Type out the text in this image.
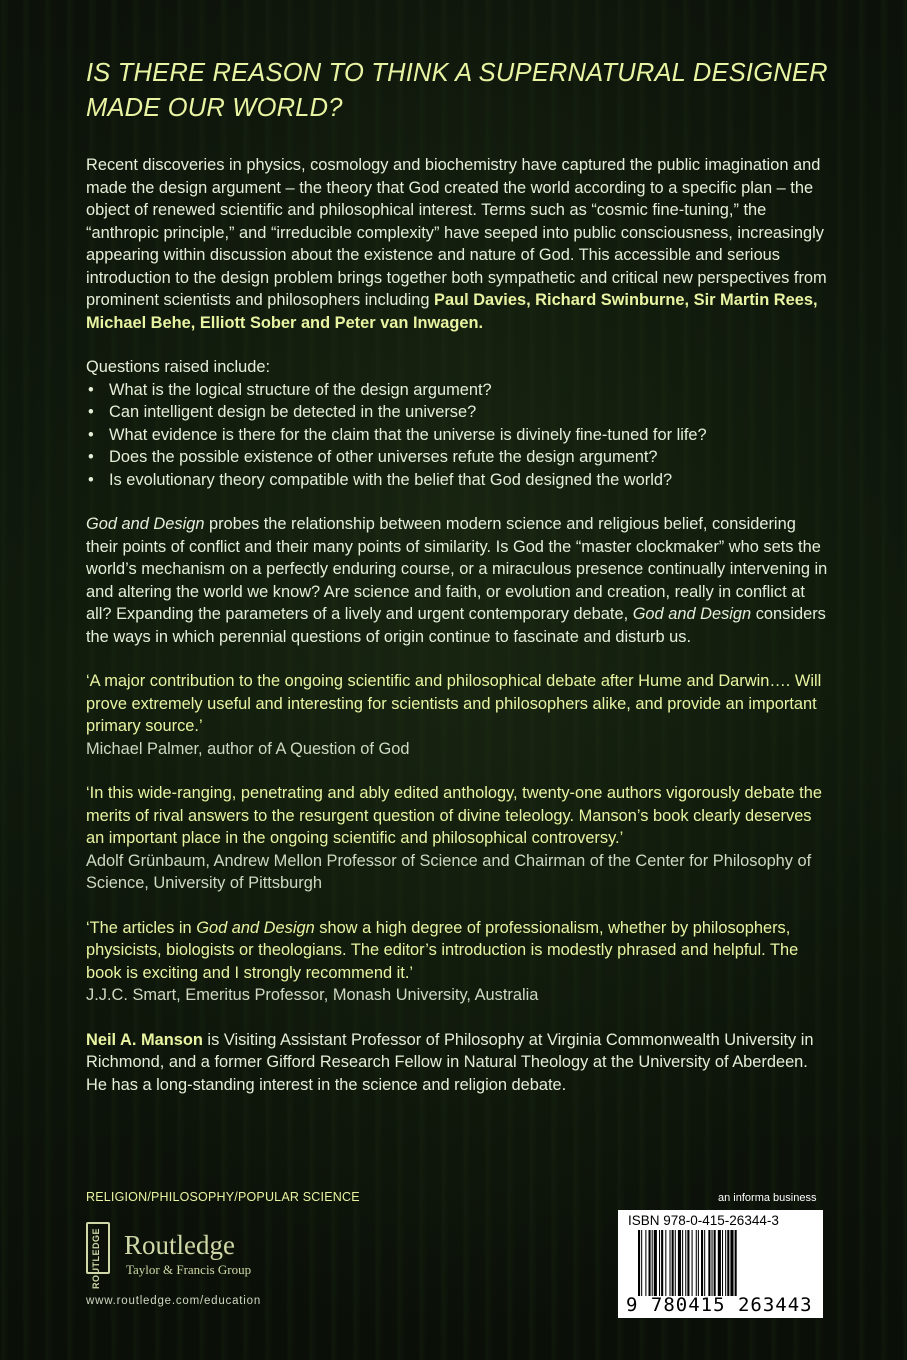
IS THERE REASON TO THINK A SUPERNATURAL DESIGNER MADE OUR WORLD?

Recent discoveries in physics, cosmology and biochemistry have captured the public imagination and made the design argument – the theory that God created the world according to a specific plan – the object of renewed scientific and philosophical interest. Terms such as “cosmic fine-tuning,” the “anthropic principle,” and “irreducible complexity” have seeped into public consciousness, increasingly appearing within discussion about the existence and nature of God. This accessible and serious introduction to the design problem brings together both sympathetic and critical new perspectives from prominent scientists and philosophers including Paul Davies, Richard Swinburne, Sir Martin Rees, Michael Behe, Elliott Sober and Peter van Inwagen.

Questions raised include:

• What is the logical structure of the design argument?
• Can intelligent design be detected in the universe?
• What evidence is there for the claim that the universe is divinely fine-tuned for life?
• Does the possible existence of other universes refute the design argument?
• Is evolutionary theory compatible with the belief that God designed the world?

God and Design probes the relationship between modern science and religious belief, considering their points of conflict and their many points of similarity. Is God the “master clockmaker” who sets the world’s mechanism on a perfectly enduring course, or a miraculous presence continually intervening in and altering the world we know? Are science and faith, or evolution and creation, really in conflict at all? Expanding the parameters of a lively and urgent contemporary debate, God and Design considers the ways in which perennial questions of origin continue to fascinate and disturb us.

‘A major contribution to the ongoing scientific and philosophical debate after Hume and Darwin…. Will prove extremely useful and interesting for scientists and philosophers alike, and provide an important primary source.’

Michael Palmer, author of A Question of God

‘In this wide-ranging, penetrating and ably edited anthology, twenty-one authors vigorously debate the merits of rival answers to the resurgent question of divine teleology. Manson’s book clearly deserves an important place in the ongoing scientific and philosophical controversy.’

Adolf Grünbaum, Andrew Mellon Professor of Science and Chairman of the Center for Philosophy of Science, University of Pittsburgh

‘The articles in God and Design show a high degree of professionalism, whether by philosophers, physicists, biologists or theologians. The editor’s introduction is modestly phrased and helpful. The book is exciting and I strongly recommend it.’

J.J.C. Smart, Emeritus Professor, Monash University, Australia

Neil A. Manson is Visiting Assistant Professor of Philosophy at Virginia Commonwealth University in Richmond, and a former Gifford Research Fellow in Natural Theology at the University of Aberdeen. He has a long-standing interest in the science and religion debate.

RELIGION/PHILOSOPHY/POPULAR SCIENCE
ROUTLEDGE Routledge
Taylor & Francis Group
www.routledge.com/education
an informa business
ISBN 978-0-415-26344-3
9 780415 263443
